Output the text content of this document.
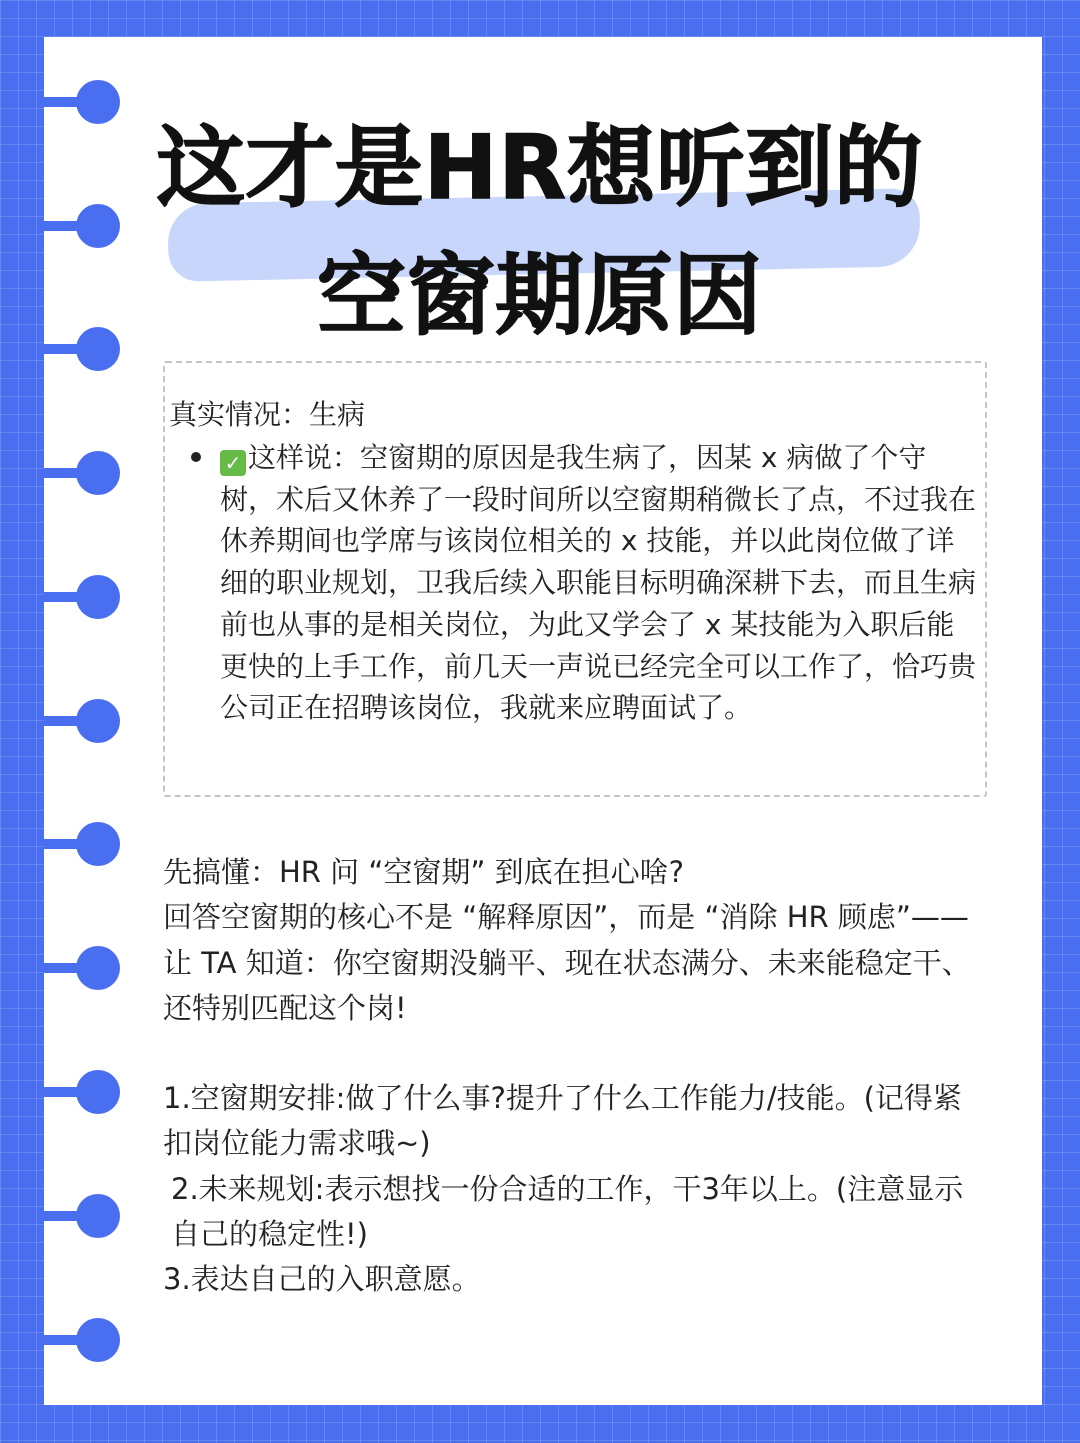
这才是HR想听到的
空窗期原因
真实情况：生病
✓ 这样说：空窗期的原因是我生病了，因某 x 病做了个守树，术后又休养了一段时间所以空窗期稍微长了点，不过我在休养期间也学席与该岗位相关的 x 技能，并以此岗位做了详细的职业规划，卫我后续入职能目标明确深耕下去，而且生病前也从事的是相关岗位，为此又学会了 x 某技能为入职后能更快的上手工作，前几天一声说已经完全可以工作了，恰巧贵公司正在招聘该岗位，我就来应聘面试了。

先搞懂：HR 问 “空窗期” 到底在担心啥?

回答空窗期的核心不是 “解释原因”，而是 “消除 HR 顾虑”—— 让 TA 知道：你空窗期没躺平、现在状态满分、未来能稳定干、还特别匹配这个岗!

1.空窗期安排:做了什么事?提升了什么工作能力/技能。(记得紧扣岗位能力需求哦~)

2.未来规划:表示想找一份合适的工作，干3年以上。(注意显示自己的稳定性!)

3.表达自己的入职意愿。
